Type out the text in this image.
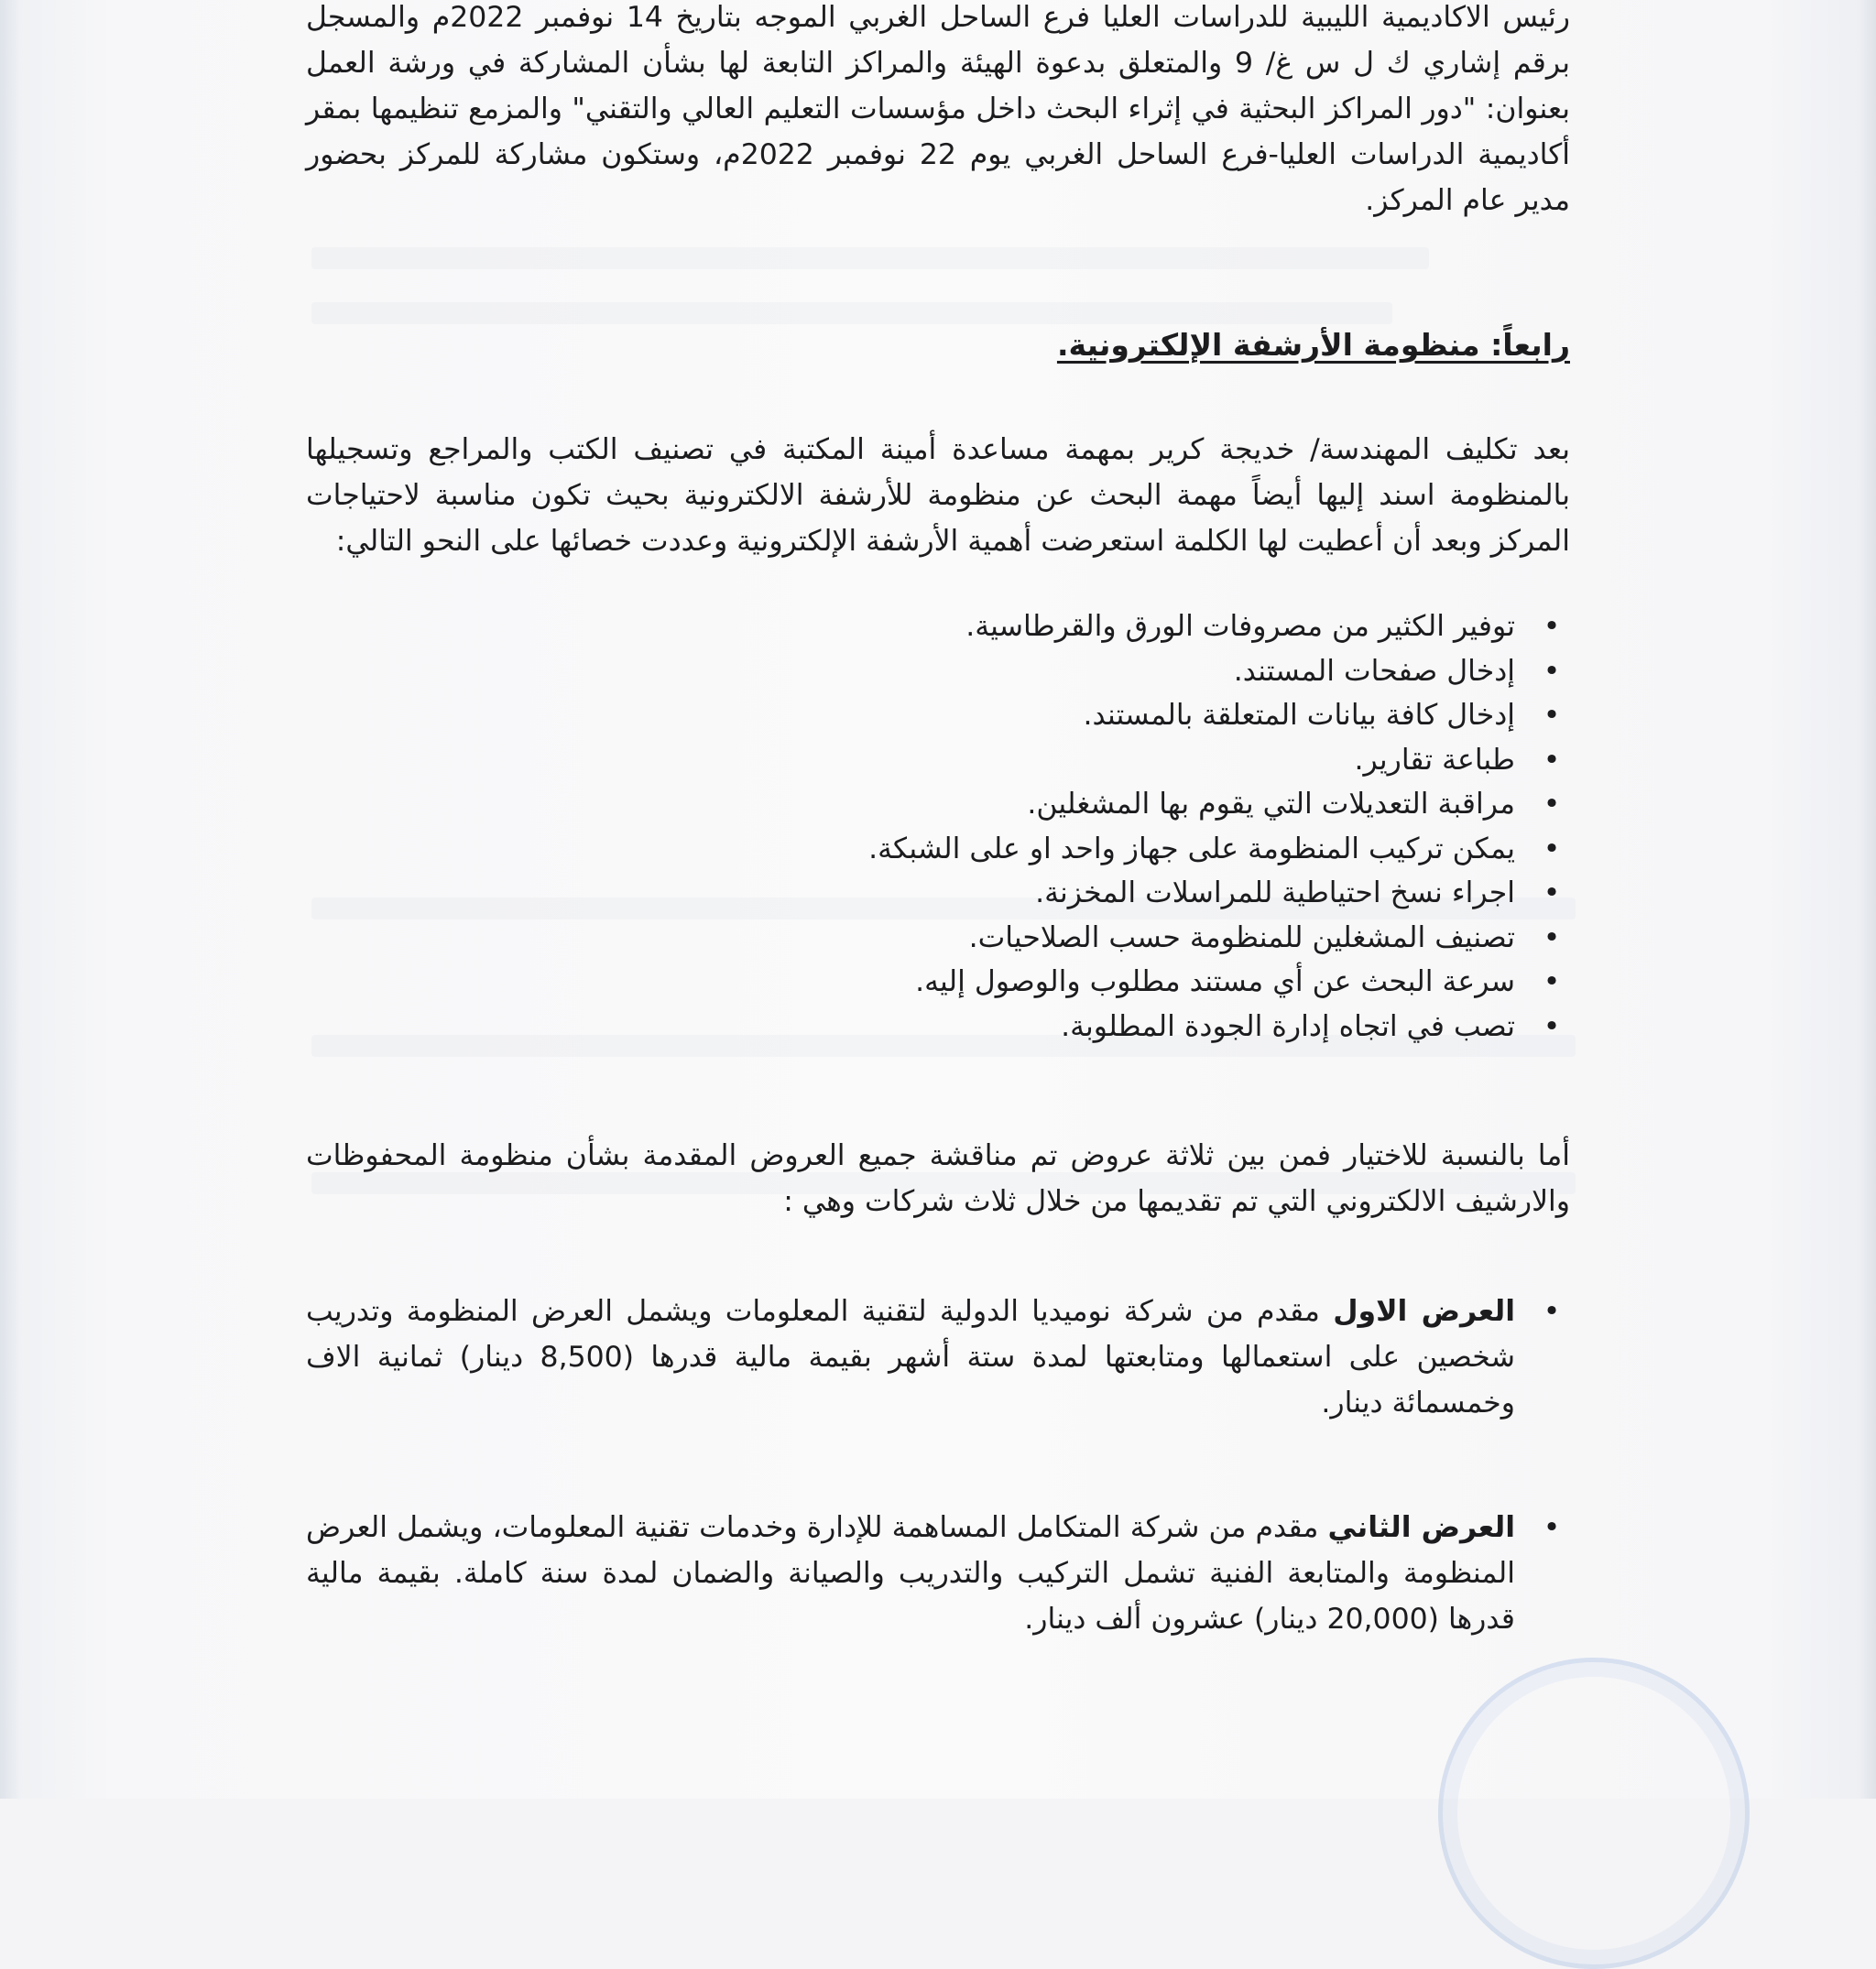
رئيس الاكاديمية الليبية للدراسات العليا فرع الساحل الغربي الموجه بتاريخ 14 نوفمبر 2022م والمسجل برقم إشاري ك ل س غ/ 9 والمتعلق بدعوة الهيئة والمراكز التابعة لها بشأن المشاركة في ورشة العمل بعنوان: "دور المراكز البحثية في إثراء البحث داخل مؤسسات التعليم العالي والتقني" والمزمع تنظيمها بمقر أكاديمية الدراسات العليا-فرع الساحل الغربي يوم 22 نوفمبر 2022م، وستكون مشاركة للمركز بحضور مدير عام المركز.

رابعاً: منظومة الأرشفة الإلكترونية.

بعد تكليف المهندسة/ خديجة كرير بمهمة مساعدة أمينة المكتبة في تصنيف الكتب والمراجع وتسجيلها بالمنظومة اسند إليها أيضاً مهمة البحث عن منظومة للأرشفة الالكترونية بحيث تكون مناسبة لاحتياجات المركز وبعد أن أعطيت لها الكلمة استعرضت أهمية الأرشفة الإلكترونية وعددت خصائها على النحو التالي:

• توفير الكثير من مصروفات الورق والقرطاسية.
• إدخال صفحات المستند.
• إدخال كافة بيانات المتعلقة بالمستند.
• طباعة تقارير.
• مراقبة التعديلات التي يقوم بها المشغلين.
• يمكن تركيب المنظومة على جهاز واحد او على الشبكة.
• اجراء نسخ احتياطية للمراسلات المخزنة.
• تصنيف المشغلين للمنظومة حسب الصلاحيات.
• سرعة البحث عن أي مستند مطلوب والوصول إليه.
• تصب في اتجاه إدارة الجودة المطلوبة.

أما بالنسبة للاختيار فمن بين ثلاثة عروض تم مناقشة جميع العروض المقدمة بشأن منظومة المحفوظات والارشيف الالكتروني التي تم تقديمها من خلال ثلاث شركات وهي :

• العرض الاول مقدم من شركة نوميديا الدولية لتقنية المعلومات ويشمل العرض المنظومة وتدريب شخصين على استعمالها ومتابعتها لمدة ستة أشهر بقيمة مالية قدرها (8,500 دينار) ثمانية الاف وخمسمائة دينار.
• العرض الثاني مقدم من شركة المتكامل المساهمة للإدارة وخدمات تقنية المعلومات، ويشمل العرض المنظومة والمتابعة الفنية تشمل التركيب والتدريب والصيانة والضمان لمدة سنة كاملة. بقيمة مالية قدرها (20,000 دينار) عشرون ألف دينار.
